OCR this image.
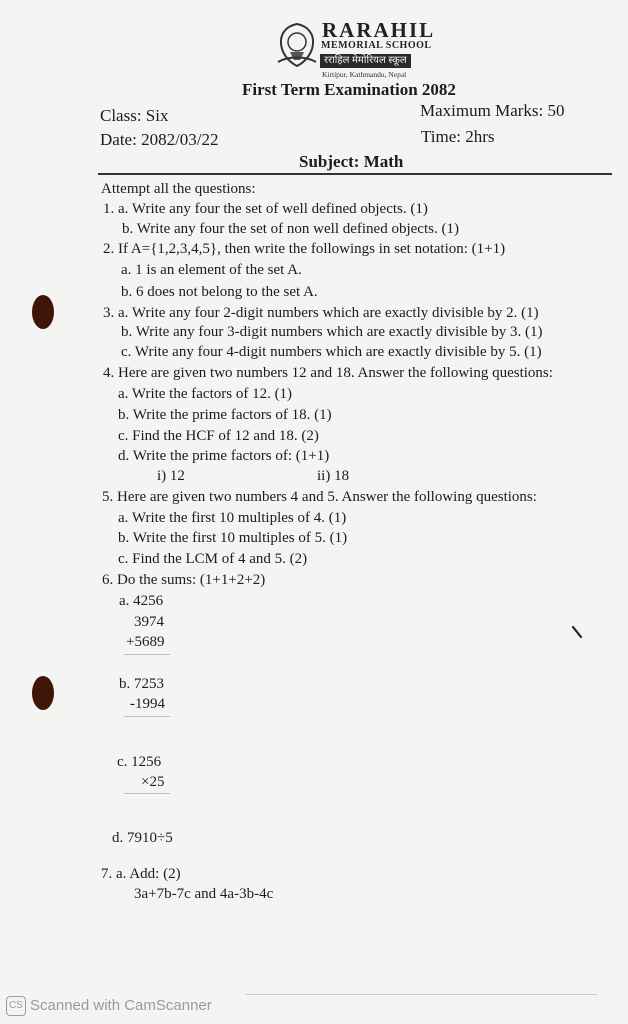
RARAHIL
MEMORIAL SCHOOL
रराहिल मेमोरियल स्कूल
Kirtipur, Kathmandu, Nepal
First Term Examination 2082
Class: Six	Maximum Marks: 50
Date: 2082/03/22	Time: 2hrs
Subject: Math
Attempt all the questions:
1. a. Write any four the set of well defined objects. (1)
b. Write any four the set of non well defined objects. (1)
2. If A={1,2,3,4,5}, then write the followings in set notation: (1+1)
a. 1 is an element of the set A.
b. 6 does not belong to the set A.
3. a. Write any four 2-digit numbers which are exactly divisible by 2. (1)
b. Write any four 3-digit numbers which are exactly divisible by 3. (1)
c. Write any four 4-digit numbers which are exactly divisible by 5. (1)
4. Here are given two numbers 12 and 18. Answer the following questions:
a. Write the factors of 12. (1)
b. Write the prime factors of 18. (1)
c. Find the HCF of 12 and 18. (2)
d. Write the prime factors of: (1+1)
i) 12	ii) 18
5. Here are given two numbers 4 and 5. Answer the following questions:
a. Write the first 10 multiples of 4. (1)
b. Write the first 10 multiples of 5. (1)
c. Find the LCM of 4 and 5. (2)
6. Do the sums: (1+1+2+2)
a. 4256
3974
+5689
b. 7253
-1994
c. 1256
×25
d. 7910÷5
7. a. Add: (2)
3a+7b-7c and 4a-3b-4c
CS Scanned with CamScanner
